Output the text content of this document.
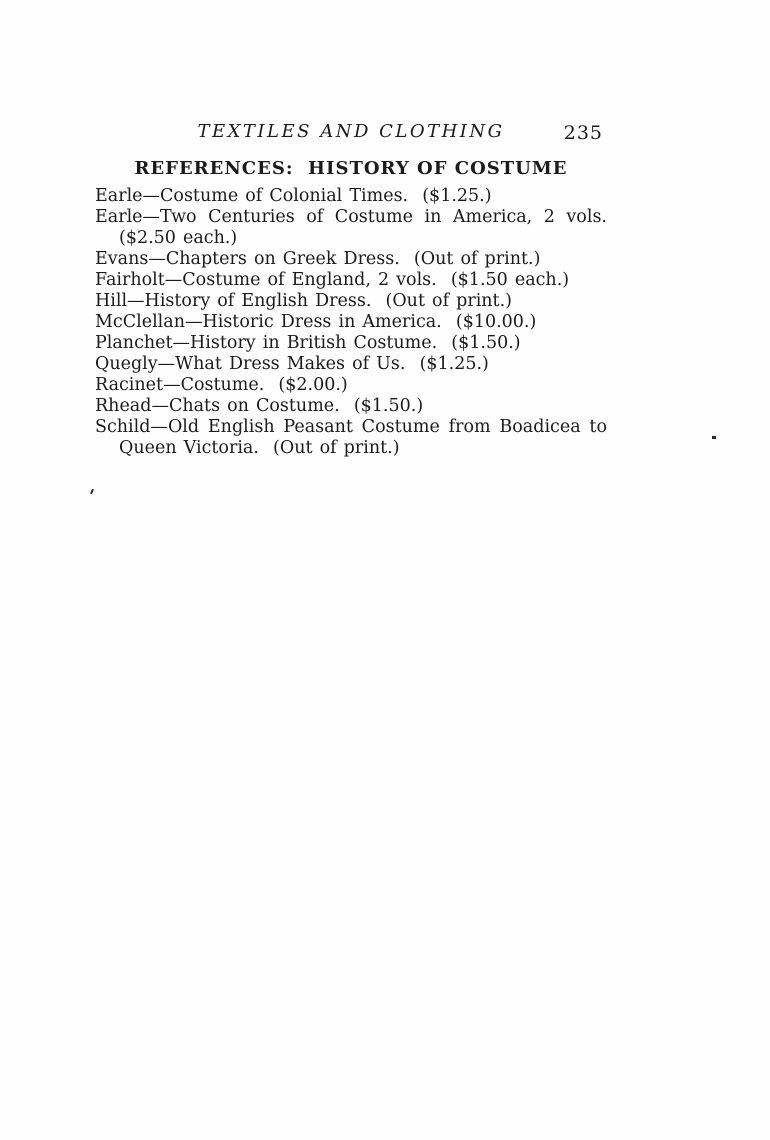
TEXTILES AND CLOTHING	235
REFERENCES:  HISTORY OF COSTUME
Earle—Costume of Colonial Times.  ($1.25.)
Earle—Two Centuries of Costume in America, 2 vols.
($2.50 each.)
Evans—Chapters on Greek Dress.  (Out of print.)
Fairholt—Costume of England, 2 vols.  ($1.50 each.)
Hill—History of English Dress.  (Out of print.)
McClellan—Historic Dress in America.  ($10.00.)
Planchet—History in British Costume.  ($1.50.)
Quegly—What Dress Makes of Us.  ($1.25.)
Racinet—Costume.  ($2.00.)
Rhead—Chats on Costume.  ($1.50.)
Schild—Old English Peasant Costume from Boadicea to
Queen Victoria.  (Out of print.)
